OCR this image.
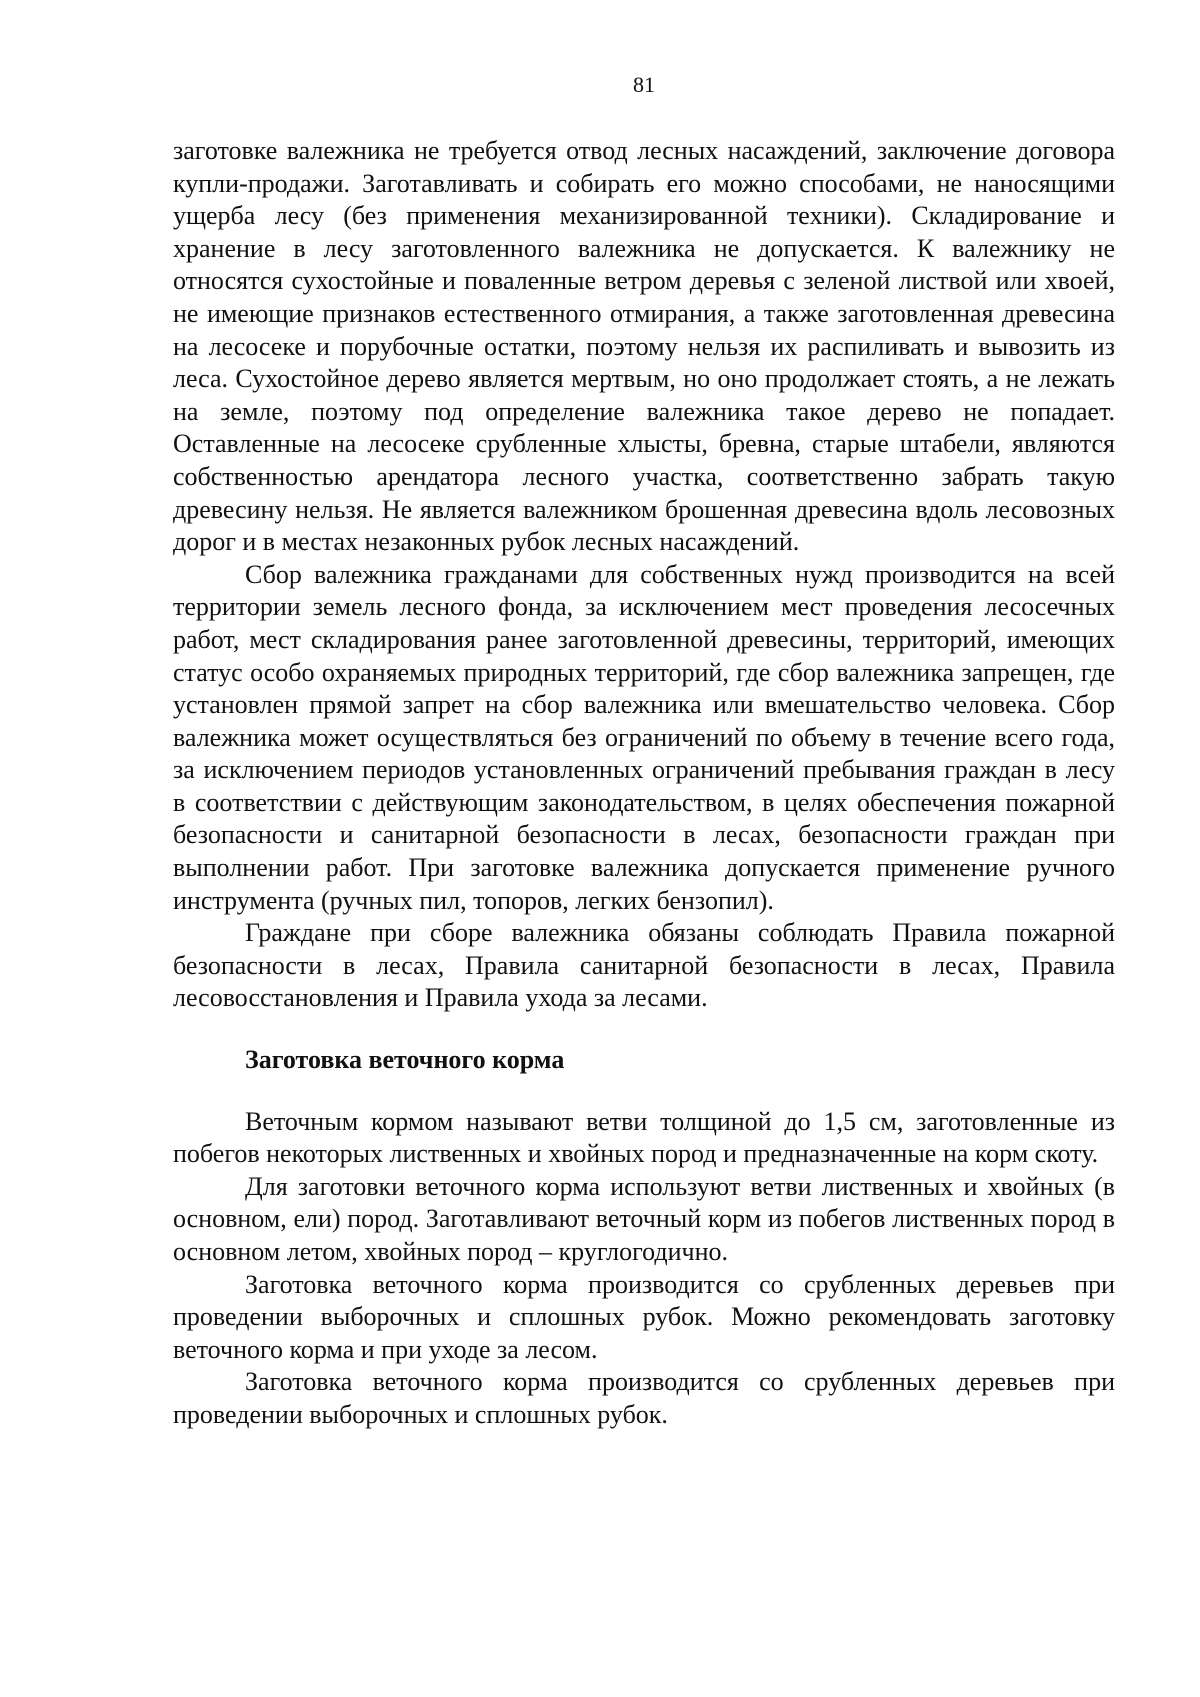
81

заготовке валежника не требуется отвод лесных насаждений, заключение договора купли-продажи. Заготавливать и собирать его можно способами, не наносящими ущерба лесу (без применения механизированной техники). Складирование и хранение в лесу заготовленного валежника не допускается. К валежнику не относятся сухостойные и поваленные ветром деревья с зеленой листвой или хвоей, не имеющие признаков естественного отмирания, а также заготовленная древесина на лесосеке и порубочные остатки, поэтому нельзя их распиливать и вывозить из леса. Сухостойное дерево является мертвым, но оно продолжает стоять, а не лежать на земле, поэтому под определение валежника такое дерево не попадает. Оставленные на лесосеке срубленные хлысты, бревна, старые штабели, являются собственностью арендатора лесного участка, соответственно забрать такую древесину нельзя. Не является валежником брошенная древесина вдоль лесовозных дорог и в местах незаконных рубок лесных насаждений.

Сбор валежника гражданами для собственных нужд производится на всей территории земель лесного фонда, за исключением мест проведения лесосечных работ, мест складирования ранее заготовленной древесины, территорий, имеющих статус особо охраняемых природных территорий, где сбор валежника запрещен, где установлен прямой запрет на сбор валежника или вмешательство человека. Сбор валежника может осуществляться без ограничений по объему в течение всего года, за исключением периодов установленных ограничений пребывания граждан в лесу в соответствии с действующим законодательством, в целях обеспечения пожарной безопасности и санитарной безопасности в лесах, безопасности граждан при выполнении работ. При заготовке валежника допускается применение ручного инструмента (ручных пил, топоров, легких бензопил).

Граждане при сборе валежника обязаны соблюдать Правила пожарной безопасности в лесах, Правила санитарной безопасности в лесах, Правила лесовосстановления и Правила ухода за лесами.

Заготовка веточного корма

Веточным кормом называют ветви толщиной до 1,5 см, заготовленные из побегов некоторых лиственных и хвойных пород и предназначенные на корм скоту.

Для заготовки веточного корма используют ветви лиственных и хвойных (в основном, ели) пород. Заготавливают веточный корм из побегов лиственных пород в основном летом, хвойных пород – круглогодично.

Заготовка веточного корма производится со срубленных деревьев при проведении выборочных и сплошных рубок. Можно рекомендовать заготовку веточного корма и при уходе за лесом.

Заготовка веточного корма производится со срубленных деревьев при проведении выборочных и сплошных рубок.
